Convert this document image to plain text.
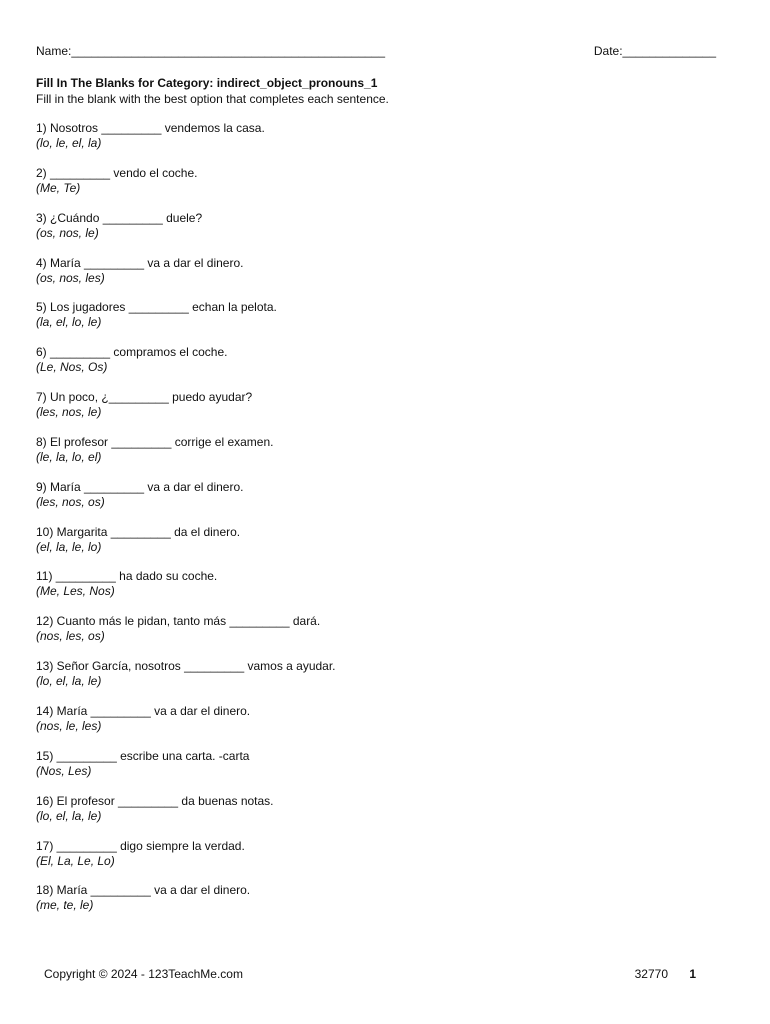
Name:_______________________________________________	Date:______________
Fill In The Blanks for Category: indirect_object_pronouns_1
Fill in the blank with the best option that completes each sentence.
1) Nosotros _________ vendemos la casa.
(lo, le, el, la)
2) _________ vendo el coche.
(Me, Te)
3) ¿Cuándo _________ duele?
(os, nos, le)
4) María _________ va a dar el dinero.
(os, nos, les)
5) Los jugadores _________ echan la pelota.
(la, el, lo, le)
6) _________ compramos el coche.
(Le, Nos, Os)
7) Un poco, ¿_________ puedo ayudar?
(les, nos, le)
8) El profesor _________ corrige el examen.
(le, la, lo, el)
9) María _________ va a dar el dinero.
(les, nos, os)
10) Margarita _________ da el dinero.
(el, la, le, lo)
11) _________ ha dado su coche.
(Me, Les, Nos)
12) Cuanto más le pidan, tanto más _________ dará.
(nos, les, os)
13) Señor García, nosotros _________ vamos a ayudar.
(lo, el, la, le)
14) María _________ va a dar el dinero.
(nos, le, les)
15) _________ escribe una carta. -carta
(Nos, Les)
16) El profesor _________ da buenas notas.
(lo, el, la, le)
17) _________ digo siempre la verdad.
(El, La, Le, Lo)
18) María _________ va a dar el dinero.
(me, te, le)
Copyright © 2024 - 123TeachMe.com	32770 1
